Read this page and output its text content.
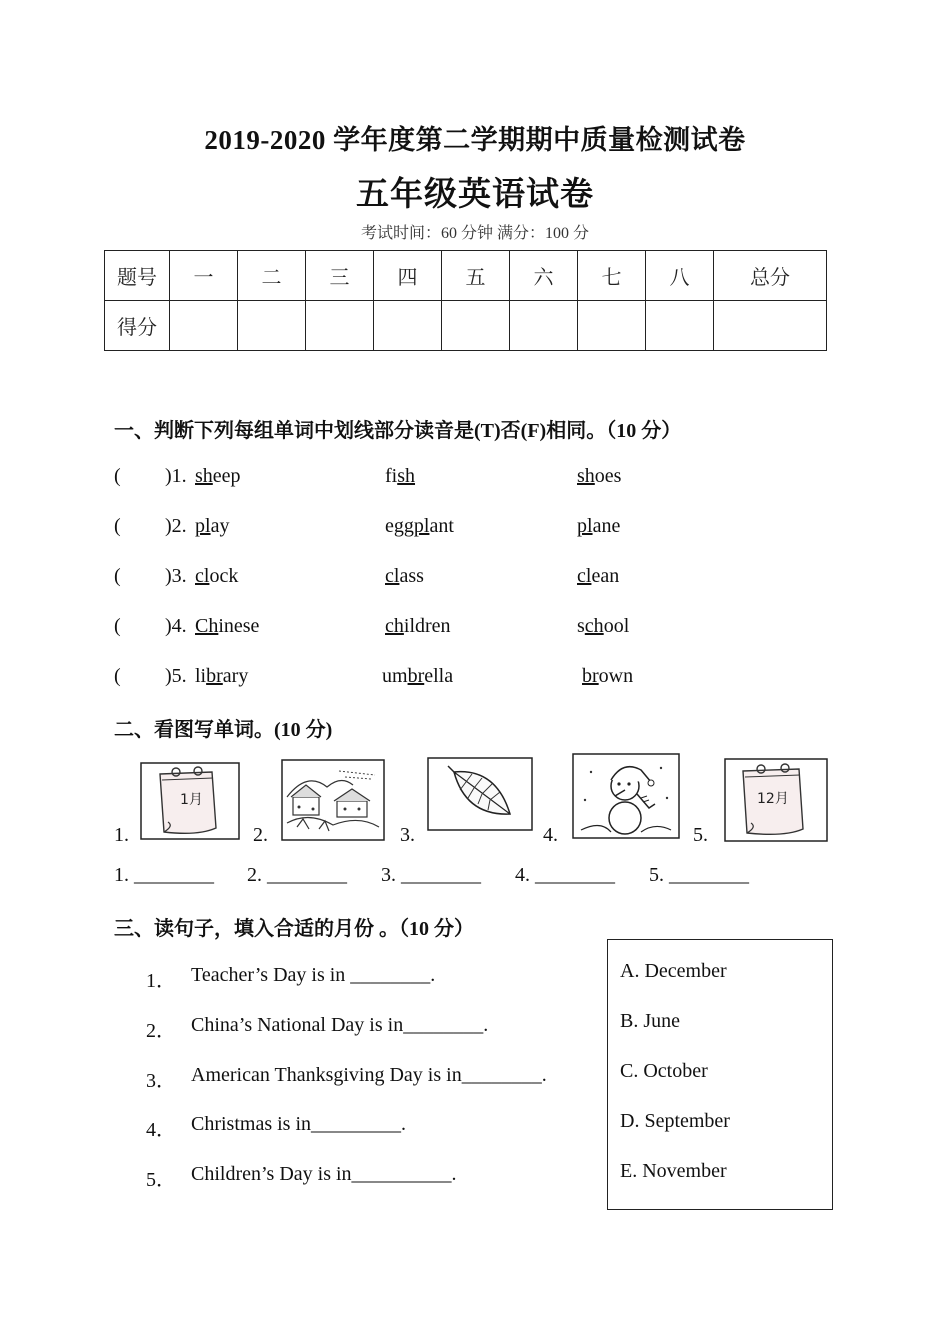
2019-2020 学年度第二学期期中质量检测试卷
五年级英语试卷
考试时间：60 分钟 满分：100 分
题号	一	二	三	四	五	六	七	八	总分
得分									
一、判断下列每组单词中划线部分读音是(T)否(F)相同。（10 分）
( )1. sheep	fish	shoes
( )2. play	eggplant	plane
( )3. clock	class	clean
( )4. Chinese	children	school
( )5. library	umbrella	brown
二、看图写单词。(10 分)
1.	2.	3.	4.	5.
1月	12月
1. ________ 2. ________ 3. ________ 4. ________ 5. ________
三、读句子，填入合适的月份 。（10 分）
1． Teacher’s Day is in ________.
2． China’s National Day is in________.
3． American Thanksgiving Day is in________.
4． Christmas is in_________.
5． Children’s Day is in__________.
A. December
B. June
C. October
D. September
E. November
